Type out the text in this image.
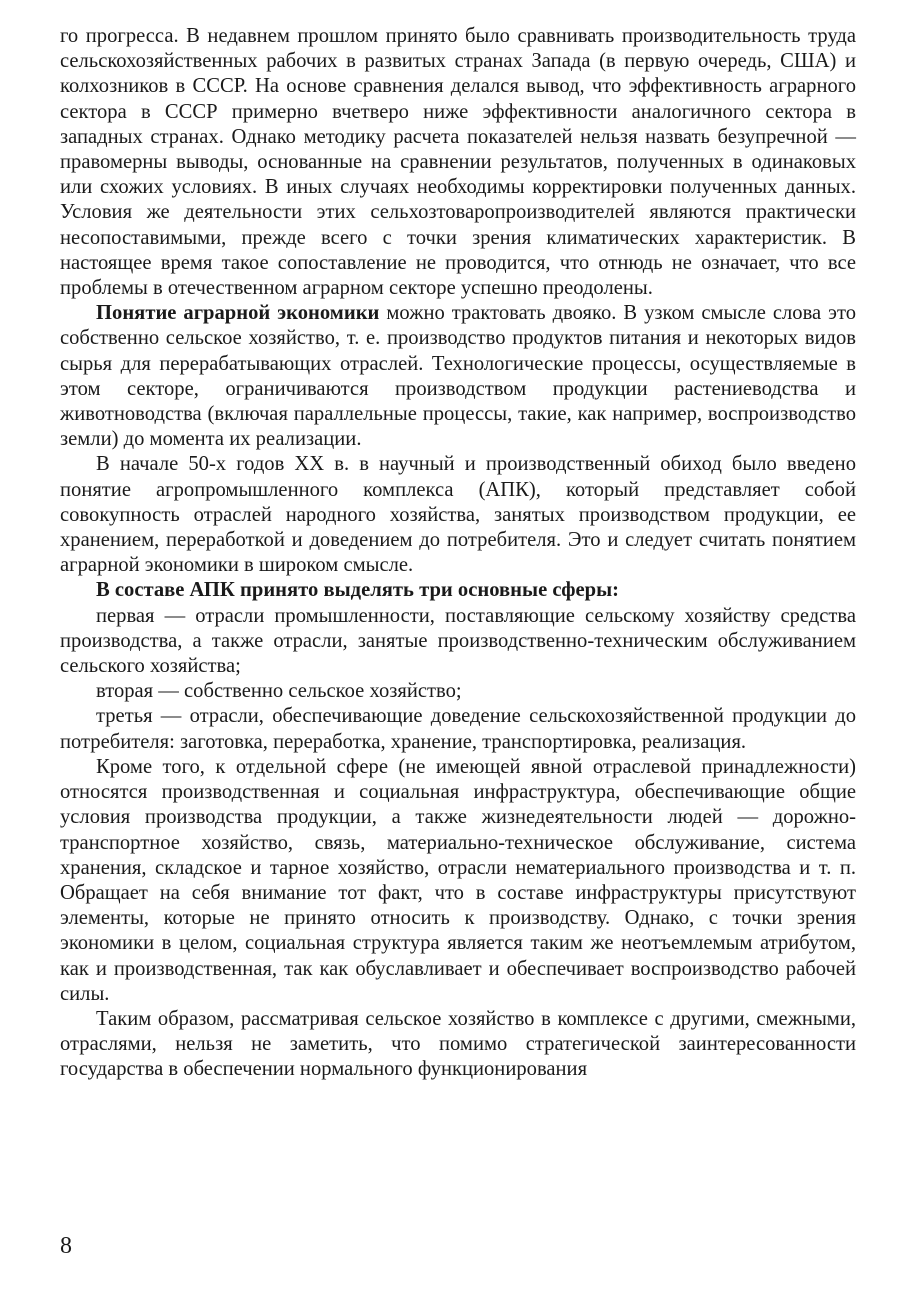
го прогресса. В недавнем прошлом принято было сравнивать производительность труда сельскохозяйственных рабочих в развитых странах Запада (в первую очередь, США) и колхозников в СССР. На основе сравнения делался вывод, что эффективность аграрного сектора в СССР примерно вчетверо ниже эффективности аналогичного сектора в западных странах. Однако методику расчета показателей нельзя назвать безупречной — правомерны выводы, основанные на сравнении результатов, полученных в одинаковых или схожих условиях. В иных случаях необходимы корректировки полученных данных. Условия же деятельности этих сельхозтоваропроизводителей являются практически несопоставимыми, прежде всего с точки зрения климатических характеристик. В настоящее время такое сопоставление не проводится, что отнюдь не означает, что все проблемы в отечественном аграрном секторе успешно преодолены.

Понятие аграрной экономики можно трактовать двояко. В узком смысле слова это собственно сельское хозяйство, т. е. производство продуктов питания и некоторых видов сырья для перерабатывающих отраслей. Технологические процессы, осуществляемые в этом секторе, ограничиваются производством продукции растениеводства и животноводства (включая параллельные процессы, такие, как например, воспроизводство земли) до момента их реализации.

В начале 50-х годов XX в. в научный и производственный обиход было введено понятие агропромышленного комплекса (АПК), который представляет собой совокупность отраслей народного хозяйства, занятых производством продукции, ее хранением, переработкой и доведением до потребителя. Это и следует считать понятием аграрной экономики в широком смысле.

В составе АПК принято выделять три основные сферы:

первая — отрасли промышленности, поставляющие сельскому хозяйству средства производства, а также отрасли, занятые производственно-техническим обслуживанием сельского хозяйства;

вторая — собственно сельское хозяйство;

третья — отрасли, обеспечивающие доведение сельскохозяйственной продукции до потребителя: заготовка, переработка, хранение, транспортировка, реализация.

Кроме того, к отдельной сфере (не имеющей явной отраслевой принадлежности) относятся производственная и социальная инфраструктура, обеспечивающие общие условия производства продукции, а также жизнедеятельности людей — дорожно-транспортное хозяйство, связь, материально-техническое обслуживание, система хранения, складское и тарное хозяйство, отрасли нематериального производства и т. п. Обращает на себя внимание тот факт, что в составе инфраструктуры присутствуют элементы, которые не принято относить к производству. Однако, с точки зрения экономики в целом, социальная структура является таким же неотъемлемым атрибутом, как и производственная, так как обуславливает и обеспечивает воспроизводство рабочей силы.

Таким образом, рассматривая сельское хозяйство в комплексе с другими, смежными, отраслями, нельзя не заметить, что помимо стратегической заинтересованности государства в обеспечении нормального функционирования

8
